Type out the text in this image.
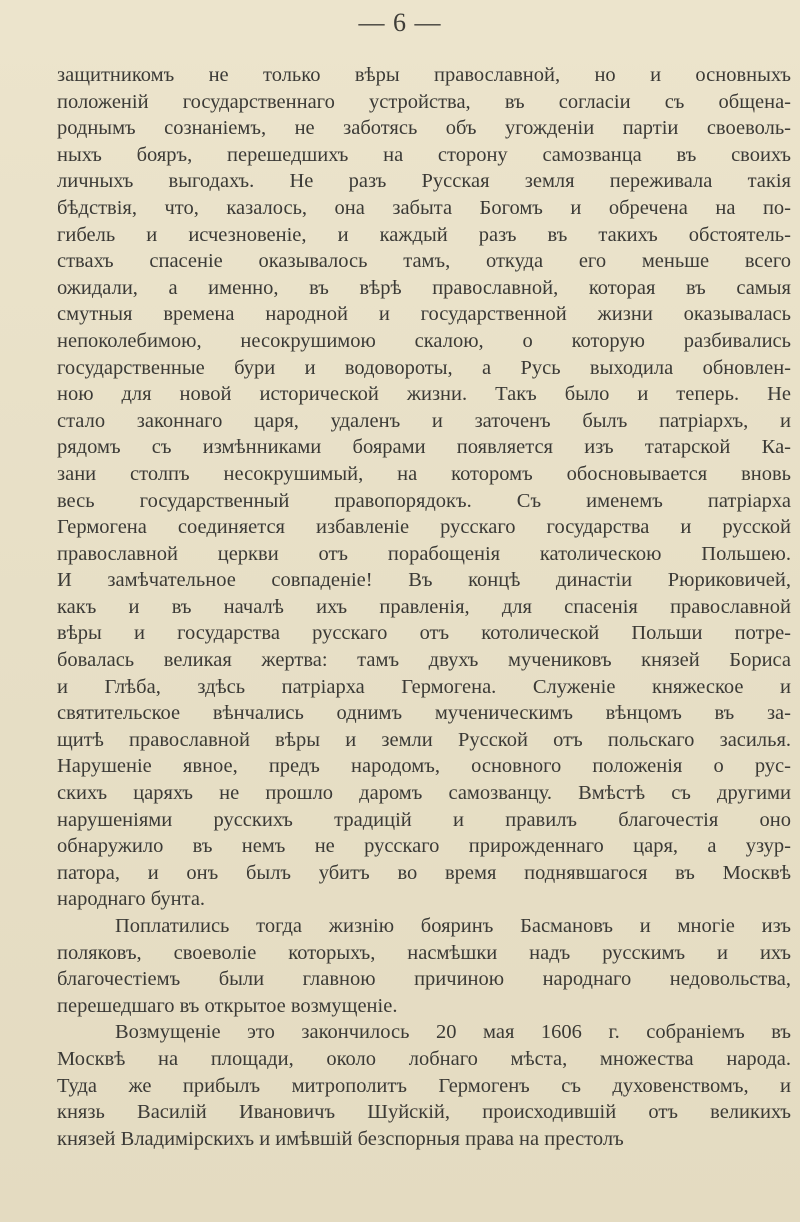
— 6 —
защитникомъ не только вѣры православной, но и основныхъ
положенiй государственнаго устройства, въ согласiи съ общена-
роднымъ сознанiемъ, не заботясь объ угожденiи партiи своеволь-
ныхъ бояръ, перешедшихъ на сторону самозванца въ своихъ
личныхъ выгодахъ. Не разъ Русская земля переживала такiя
бѣдствiя, что, казалось, она забыта Богомъ и обречена на по-
гибель и исчезновенiе, и каждый разъ въ такихъ обстоятель-
ствахъ спасенiе оказывалось тамъ, откуда его меньше всего
ожидали, а именно, въ вѣрѣ православной, которая въ самыя
смутныя времена народной и государственной жизни оказывалась
непоколебимою, несокрушимою скалою, о которую разбивались
государственные бури и водовороты, а Русь выходила обновлен-
ною для новой исторической жизни. Такъ было и теперь. Не
стало законнаго царя, удаленъ и заточенъ былъ патрiархъ, и
рядомъ съ измѣнниками боярами появляется изъ татарской Ка-
зани столпъ несокрушимый, на которомъ обосновывается вновь
весь государственный правопорядокъ. Съ именемъ патрiарха
Гермогена соединяется избавленiе русскаго государства и русской
православной церкви отъ порабощенiя католическою Польшею.
И замѣчательное совпаденiе! Въ концѣ династiи Рюриковичей,
какъ и въ началѣ ихъ правленiя, для спасенiя православной
вѣры и государства русскаго отъ котолической Польши потре-
бовалась великая жертва: тамъ двухъ мучениковъ князей Бориса
и Глѣба, здѣсь патрiарха Гермогена. Служенiе княжеское и
святительское вѣнчались однимъ мученическимъ вѣнцомъ въ за-
щитѣ православной вѣры и земли Русской отъ польскаго засилья.
Нарушенiе явное, предъ народомъ, основного положенiя о рус-
скихъ царяхъ не прошло даромъ самозванцу. Вмѣстѣ съ другими
нарушенiями русскихъ традицiй и правилъ благочестiя оно
обнаружило въ немъ не русскаго прирожденнаго царя, а узур-
патора, и онъ былъ убитъ во время поднявшагося въ Москвѣ
народнаго бунта.
Поплатились тогда жизнiю бояринъ Басмановъ и многiе изъ
поляковъ, своеволiе которыхъ, насмѣшки надъ русскимъ и ихъ
благочестiемъ были главною причиною народнаго недовольства,
перешедшаго въ открытое возмущенiе.
Возмущенiе это закончилось 20 мая 1606 г. собранiемъ въ
Москвѣ на площади, около лобнаго мѣста, множества народа.
Туда же прибылъ митрополитъ Гермогенъ съ духовенствомъ, и
князь Василiй Ивановичъ Шуйскiй, происходившiй отъ великихъ
князей Владимiрскихъ и имѣвшiй безспорныя права на престолъ
